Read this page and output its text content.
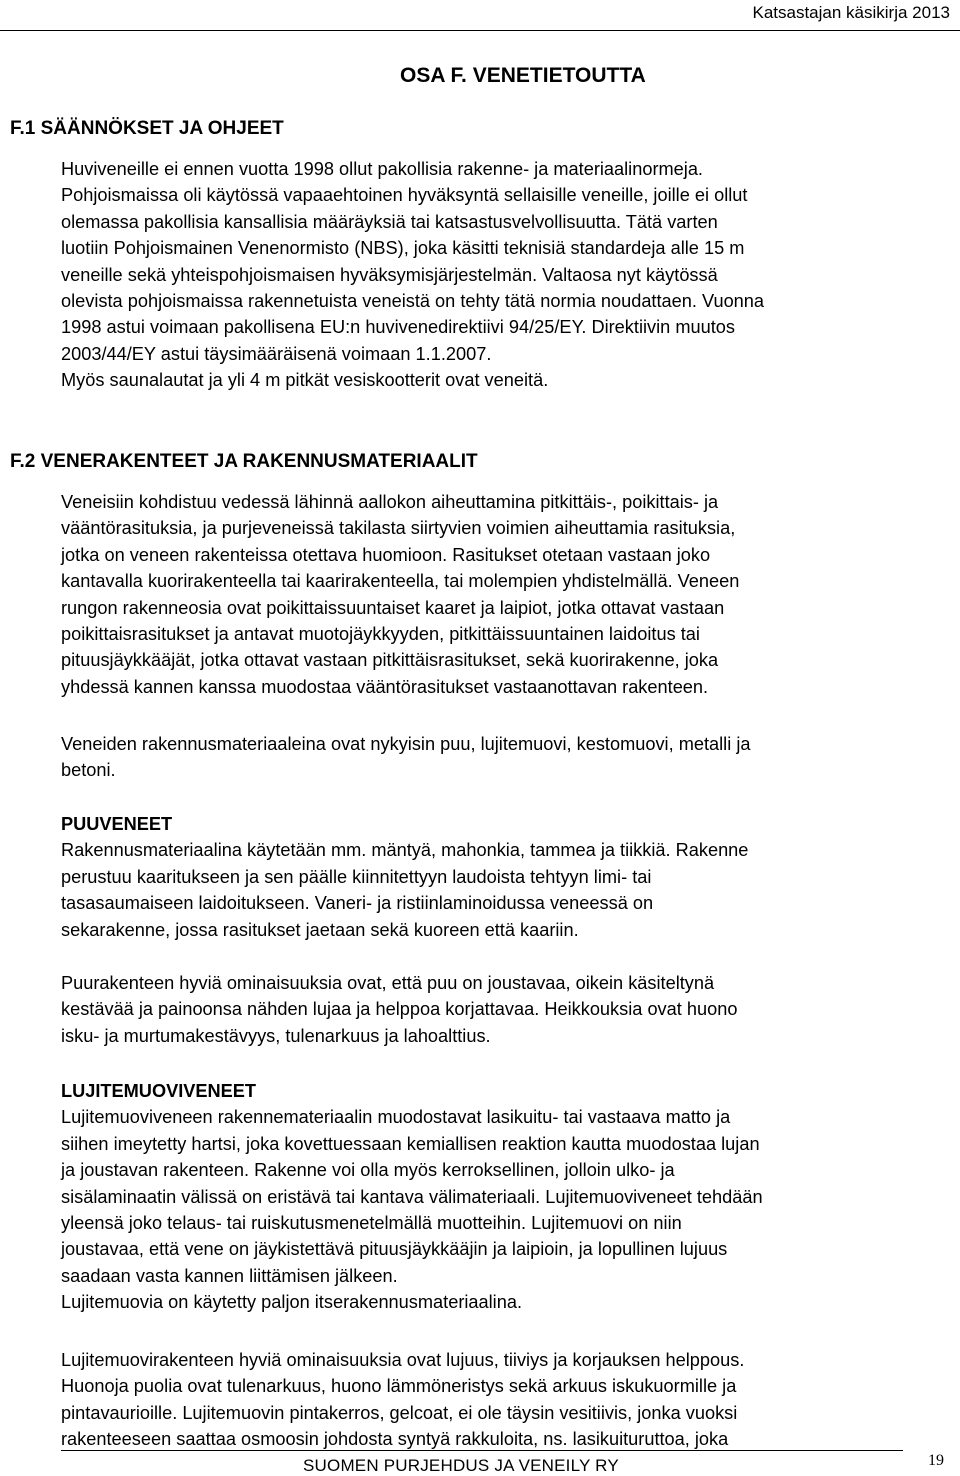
Katsastajan käsikirja 2013
OSA F. VENETIETOUTTA
F.1 SÄÄNNÖKSET JA OHJEET

Huviveneille ei ennen vuotta 1998 ollut pakollisia rakenne- ja materiaalinormeja.

Pohjoismaissa oli käytössä vapaaehtoinen hyväksyntä sellaisille veneille, joille ei ollut

olemassa pakollisia kansallisia määräyksiä tai katsastusvelvollisuutta. Tätä varten

luotiin Pohjoismainen Venenormisto (NBS), joka käsitti teknisiä standardeja alle 15 m

veneille sekä yhteispohjoismaisen hyväksymisjärjestelmän. Valtaosa nyt käytössä

olevista pohjoismaissa rakennetuista veneistä on tehty tätä normia noudattaen. Vuonna

1998 astui voimaan pakollisena EU:n huvivenedirektiivi 94/25/EY. Direktiivin muutos

2003/44/EY astui täysimääräisenä voimaan 1.1.2007.

Myös saunalautat ja yli 4 m pitkät vesiskootterit ovat veneitä.

F.2 VENERAKENTEET JA RAKENNUSMATERIAALIT

Veneisiin kohdistuu vedessä lähinnä aallokon aiheuttamina pitkittäis-, poikittais- ja

vääntörasituksia, ja purjeveneissä takilasta siirtyvien voimien aiheuttamia rasituksia,

jotka on veneen rakenteissa otettava huomioon. Rasitukset otetaan vastaan joko

kantavalla kuorirakenteella tai kaarirakenteella, tai molempien yhdistelmällä. Veneen

rungon rakenneosia ovat poikittaissuuntaiset kaaret ja laipiot, jotka ottavat vastaan

poikittaisrasitukset ja antavat muotojäykkyyden, pitkittäissuuntainen laidoitus tai

pituusjäykkääjät, jotka ottavat vastaan pitkittäisrasitukset, sekä kuorirakenne, joka

yhdessä kannen kanssa muodostaa vääntörasitukset vastaanottavan rakenteen.

Veneiden rakennusmateriaaleina ovat nykyisin puu, lujitemuovi, kestomuovi, metalli ja

betoni.

PUUVENEET

Rakennusmateriaalina käytetään mm. mäntyä, mahonkia, tammea ja tiikkiä. Rakenne

perustuu kaaritukseen ja sen päälle kiinnitettyyn laudoista tehtyyn limi- tai

tasasaumaiseen laidoitukseen. Vaneri- ja ristiinlaminoidussa veneessä on

sekarakenne, jossa rasitukset jaetaan sekä kuoreen että kaariin.

Puurakenteen hyviä ominaisuuksia ovat, että puu on joustavaa, oikein käsiteltynä

kestävää ja painoonsa nähden lujaa ja helppoa korjattavaa. Heikkouksia ovat huono

isku- ja murtumakestävyys, tulenarkuus ja lahoalttius.

LUJITEMUOVIVENEET

Lujitemuoviveneen rakennemateriaalin muodostavat lasikuitu- tai vastaava matto ja

siihen imeytetty hartsi, joka kovettuessaan kemiallisen reaktion kautta muodostaa lujan

ja joustavan rakenteen. Rakenne voi olla myös kerroksellinen, jolloin ulko- ja

sisälaminaatin välissä on eristävä tai kantava välimateriaali. Lujitemuoviveneet tehdään

yleensä joko telaus- tai ruiskutusmenetelmällä muotteihin. Lujitemuovi on niin

joustavaa, että vene on jäykistettävä pituusjäykkääjin ja laipioin, ja lopullinen lujuus

saadaan vasta kannen liittämisen jälkeen.

Lujitemuovia on käytetty paljon itserakennusmateriaalina.

Lujitemuovirakenteen hyviä ominaisuuksia ovat lujuus, tiiviys ja korjauksen helppous.

Huonoja puolia ovat tulenarkuus, huono lämmöneristys sekä arkuus iskukuormille ja

pintavaurioille. Lujitemuovin pintakerros, gelcoat, ei ole täysin vesitiivis, jonka vuoksi

rakenteeseen saattaa osmoosin johdosta syntyä rakkuloita, ns. lasikuituruttoa, joka

SUOMEN PURJEHDUS JA VENEILY RY	19
